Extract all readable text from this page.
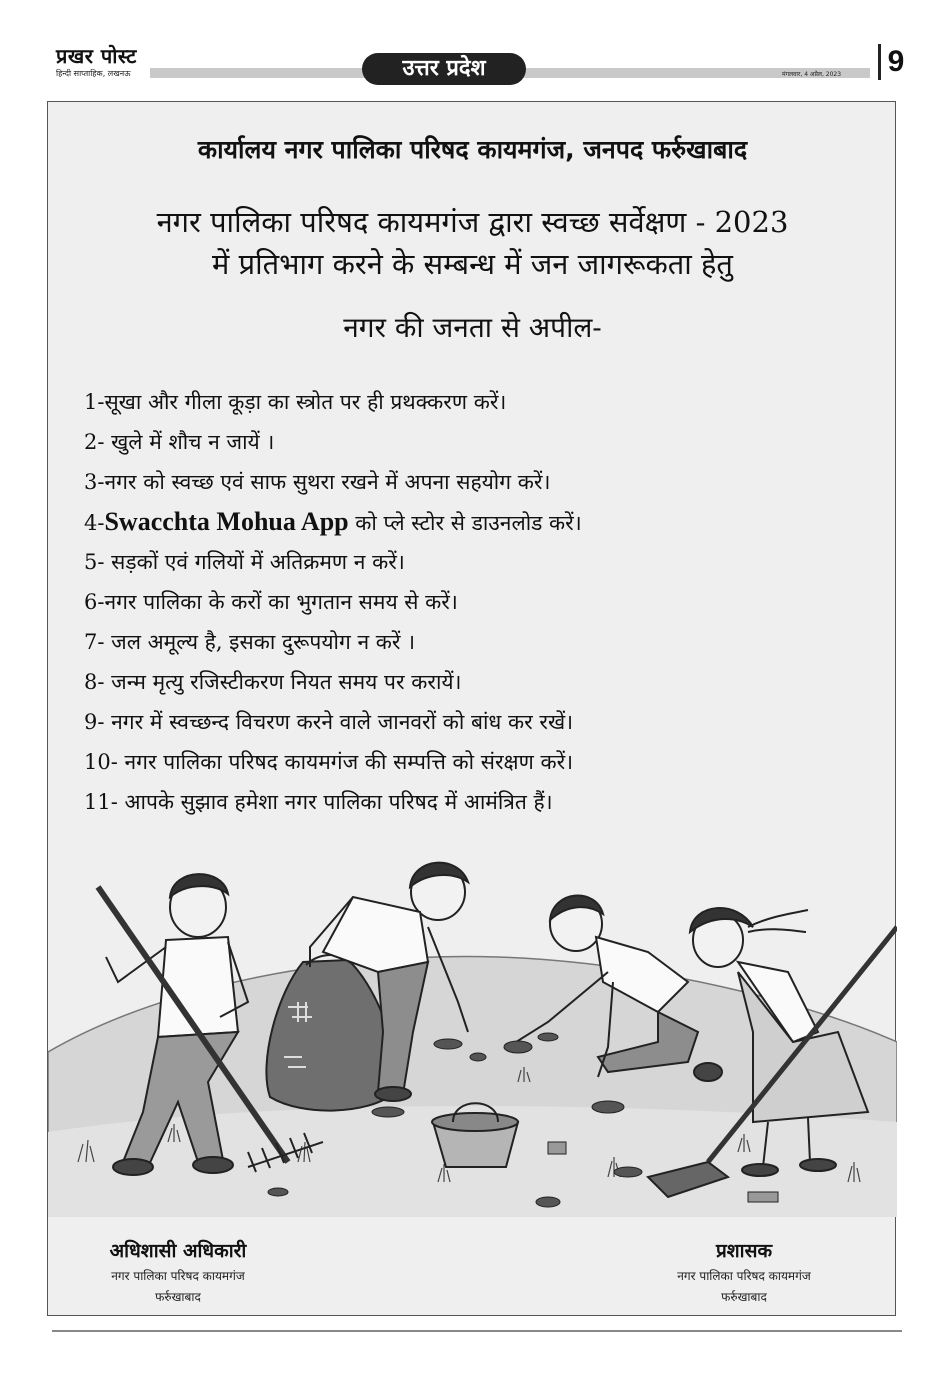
प्रखर पोस्ट
हिन्दी साप्ताहिक, लखनऊ	उत्तर प्रदेश	मंगलवार, 4 अप्रैल, 2023	9
कार्यालय नगर पालिका परिषद कायमगंज, जनपद फर्रुखाबाद
नगर पालिका परिषद कायमगंज द्वारा स्वच्छ सर्वेक्षण - 2023
में प्रतिभाग करने के सम्बन्ध में जन जागरूकता हेतु
नगर की जनता से अपील-
1-सूखा और गीला कूड़ा का स्त्रोत पर ही प्रथक्करण करें।
2- खुले में शौच न जायें ।
3-नगर को स्वच्छ एवं साफ सुथरा रखने में अपना सहयोग करें।
4-Swacchta Mohua App को प्ले स्टोर से डाउनलोड करें।
5- सड़कों एवं गलियों में अतिक्रमण न करें।
6-नगर पालिका के करों का भुगतान समय से करें।
7- जल अमूल्य है, इसका दुरूपयोग न करें ।
8- जन्म मृत्यु रजिस्टीकरण नियत समय पर करायें।
9- नगर में स्वच्छन्द विचरण करने वाले जानवरों को बांध कर रखें।
10- नगर पालिका परिषद कायमगंज की सम्पत्ति को संरक्षण करें।
11- आपके सुझाव हमेशा नगर पालिका परिषद में आमंत्रित हैं।
अधिशासी अधिकारी
नगर पालिका परिषद कायमगंज
फर्रुखाबाद
प्रशासक
नगर पालिका परिषद कायमगंज
फर्रुखाबाद
